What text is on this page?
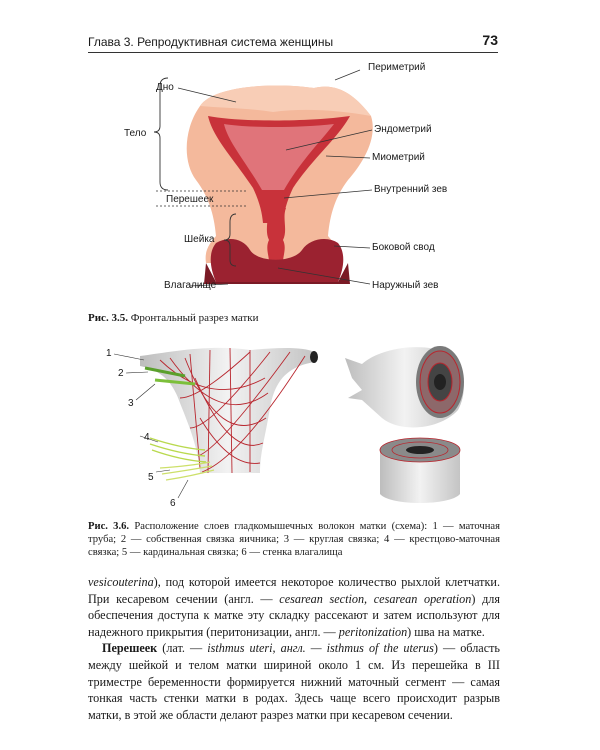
Глава 3. Репродуктивная система женщины	73
Периметрий
Дно
Эндометрий
Тело
Миометрий
Внутренний зев
Перешеек
Шейка
Боковой свод
Влагалище	Наружный зев
Рис. 3.5. Фронтальный разрез матки
1
2
3
4
5
6
Рис. 3.6. Расположение слоев гладкомышечных волокон матки (схема): 1 — маточная труба; 2 — собственная связка яичника; 3 — круглая связка; 4 — крестцово-маточная связка; 5 — кардинальная связка; 6 — стенка влагалища

vesicouterina), под которой имеется некоторое количество рыхлой клетчатки. При кесаревом сечении (англ. — cesarean section, cesarean operation) для обеспечения доступа к матке эту складку рассекают и затем используют для надежного прикрытия (перитонизации, англ. — peritonization) шва на матке.

Перешеек (лат. — isthmus uteri, англ. — isthmus of the uterus) — область между шейкой и телом матки шириной около 1 см. Из перешейка в III триместре беременности формируется нижний маточный сегмент — самая тонкая часть стенки матки в родах. Здесь чаще всего происходит разрыв матки, в этой же области делают разрез матки при кесаревом сечении.
